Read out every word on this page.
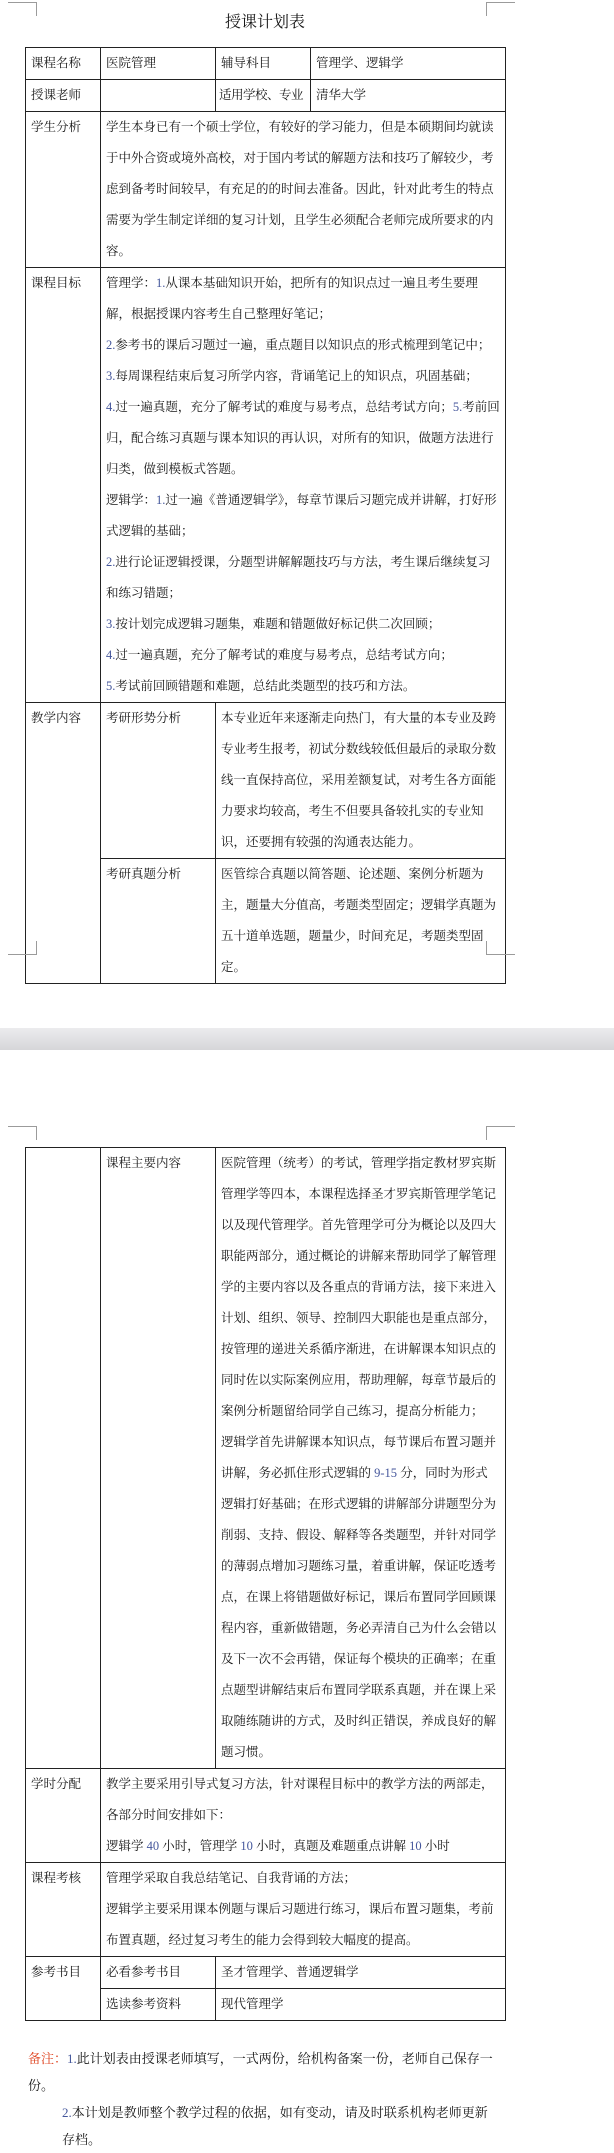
授课计划表
课程名称	医院管理	辅导科目	管理学、逻辑学
授课老师		适用学校、专业	清华大学
学生分析	学生本身已有一个硕士学位，有较好的学习能力，但是本硕期间均就读于中外合资或境外高校，对于国内考试的解题方法和技巧了解较少，考虑到备考时间较早，有充足的的时间去准备。因此，针对此考生的特点需要为学生制定详细的复习计划，且学生必须配合老师完成所要求的内容。		
课程目标	管理学：1.从课本基础知识开始，把所有的知识点过一遍且考生要理解，根据授课内容考生自己整理好笔记；
2.参考书的课后习题过一遍，重点题目以知识点的形式梳理到笔记中；
3.每周课程结束后复习所学内容，背诵笔记上的知识点，巩固基础；
4.过一遍真题，充分了解考试的难度与易考点，总结考试方向；5.考前回归，配合练习真题与课本知识的再认识，对所有的知识，做题方法进行归类，做到模板式答题。
逻辑学：1.过一遍《普通逻辑学》，每章节课后习题完成并讲解，打好形式逻辑的基础；
2.进行论证逻辑授课，分题型讲解解题技巧与方法，考生课后继续复习和练习错题；
3.按计划完成逻辑习题集，难题和错题做好标记供二次回顾；
4.过一遍真题，充分了解考试的难度与易考点，总结考试方向；
5.考试前回顾错题和难题，总结此类题型的技巧和方法。
教学内容	考研形势分析	本专业近年来逐渐走向热门，有大量的本专业及跨专业考生报考，初试分数线较低但最后的录取分数线一直保持高位，采用差额复试，对考生各方面能力要求均较高，考生不但要具备较扎实的专业知识，还要拥有较强的沟通表达能力。	
	考研真题分析	医管综合真题以简答题、论述题、案例分析题为主，题量大分值高，考题类型固定；逻辑学真题为五十道单选题，题量少，时间充足，考题类型固定。	
	课程主要内容	医院管理（统考）的考试，管理学指定教材罗宾斯管理学等四本，本课程选择圣才罗宾斯管理学笔记以及现代管理学。首先管理学可分为概论以及四大职能两部分，通过概论的讲解来帮助同学了解管理学的主要内容以及各重点的背诵方法，接下来进入计划、组织、领导、控制四大职能也是重点部分，按管理的递进关系循序渐进，在讲解课本知识点的同时佐以实际案例应用，帮助理解，每章节最后的案例分析题留给同学自己练习，提高分析能力；
逻辑学首先讲解课本知识点，每节课后布置习题并讲解，务必抓住形式逻辑的 9-15 分，同时为形式逻辑打好基础；在形式逻辑的讲解部分讲题型分为削弱、支持、假设、解释等各类题型，并针对同学的薄弱点增加习题练习量，着重讲解，保证吃透考点，在课上将错题做好标记，课后布置同学回顾课程内容，重新做错题，务必弄清自己为什么会错以及下一次不会再错，保证每个模块的正确率；在重点题型讲解结束后布置同学联系真题，并在课上采取随练随讲的方式，及时纠正错误，养成良好的解题习惯。
学时分配	教学主要采用引导式复习方法，针对课程目标中的教学方法的两部走，各部分时间安排如下：
逻辑学 40 小时，管理学 10 小时，真题及难题重点讲解 10 小时	
课程考核	管理学采取自我总结笔记、自我背诵的方法；
逻辑学主要采用课本例题与课后习题进行练习，课后布置习题集，考前布置真题，经过复习考生的能力会得到较大幅度的提高。	
参考书目	必看参考书目	圣才管理学、普通逻辑学
	选读参考资料	现代管理学
备注：1.此计划表由授课老师填写，一式两份，给机构备案一份，老师自己保存一份。
2.本计划是教师整个教学过程的依据，如有变动，请及时联系机构老师更新存档。
